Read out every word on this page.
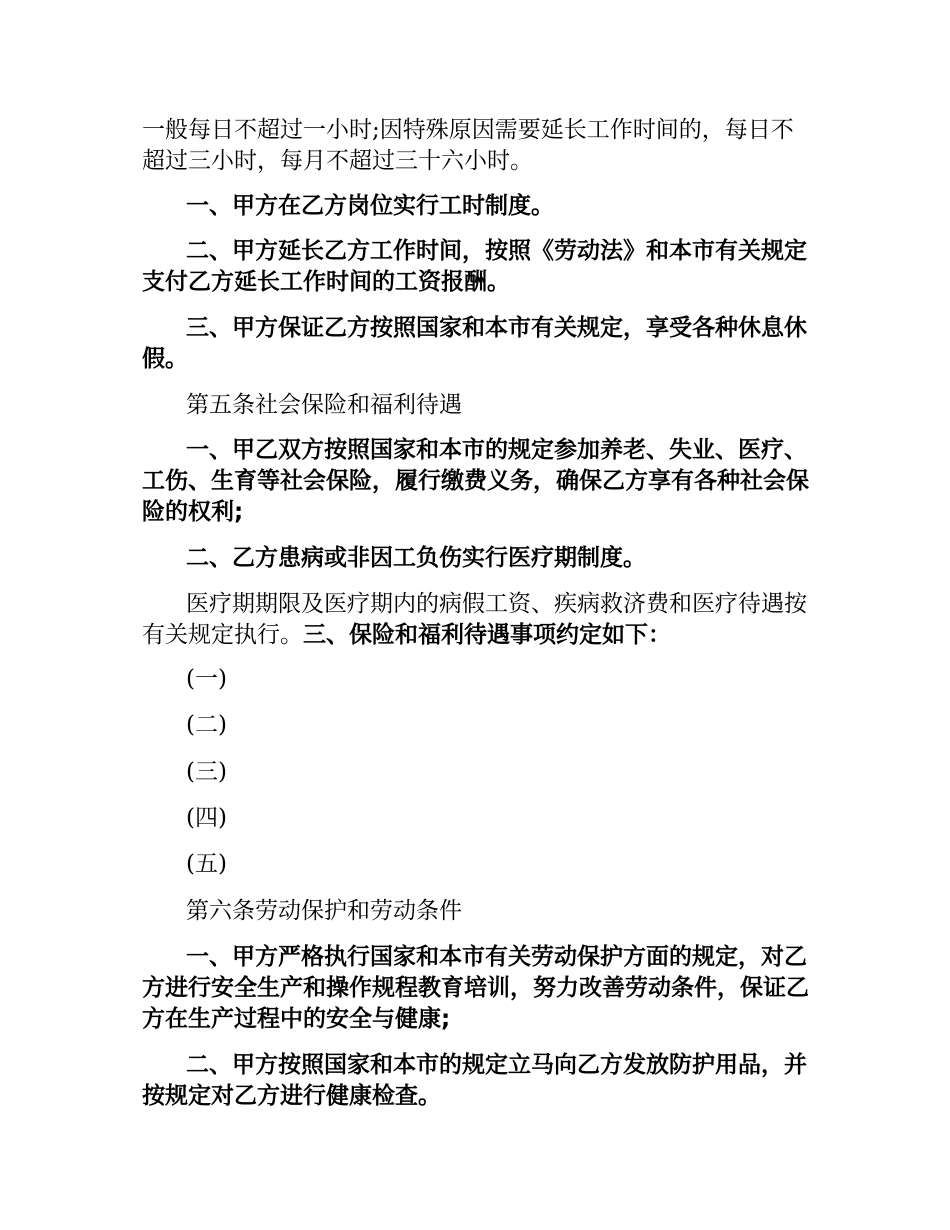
一般每日不超过一小时;因特殊原因需要延长工作时间的，每日不超过三小时，每月不超过三十六小时。

一、甲方在乙方岗位实行工时制度。

二、甲方延长乙方工作时间，按照《劳动法》和本市有关规定支付乙方延长工作时间的工资报酬。

三、甲方保证乙方按照国家和本市有关规定，享受各种休息休假。

第五条社会保险和福利待遇

一、甲乙双方按照国家和本市的规定参加养老、失业、医疗、工伤、生育等社会保险，履行缴费义务，确保乙方享有各种社会保险的权利;

二、乙方患病或非因工负伤实行医疗期制度。

医疗期期限及医疗期内的病假工资、疾病救济费和医疗待遇按有关规定执行。三、保险和福利待遇事项约定如下：

(一)

(二)

(三)

(四)

(五)

第六条劳动保护和劳动条件

一、甲方严格执行国家和本市有关劳动保护方面的规定，对乙方进行安全生产和操作规程教育培训，努力改善劳动条件，保证乙方在生产过程中的安全与健康;

二、甲方按照国家和本市的规定立马向乙方发放防护用品，并按规定对乙方进行健康检查。
